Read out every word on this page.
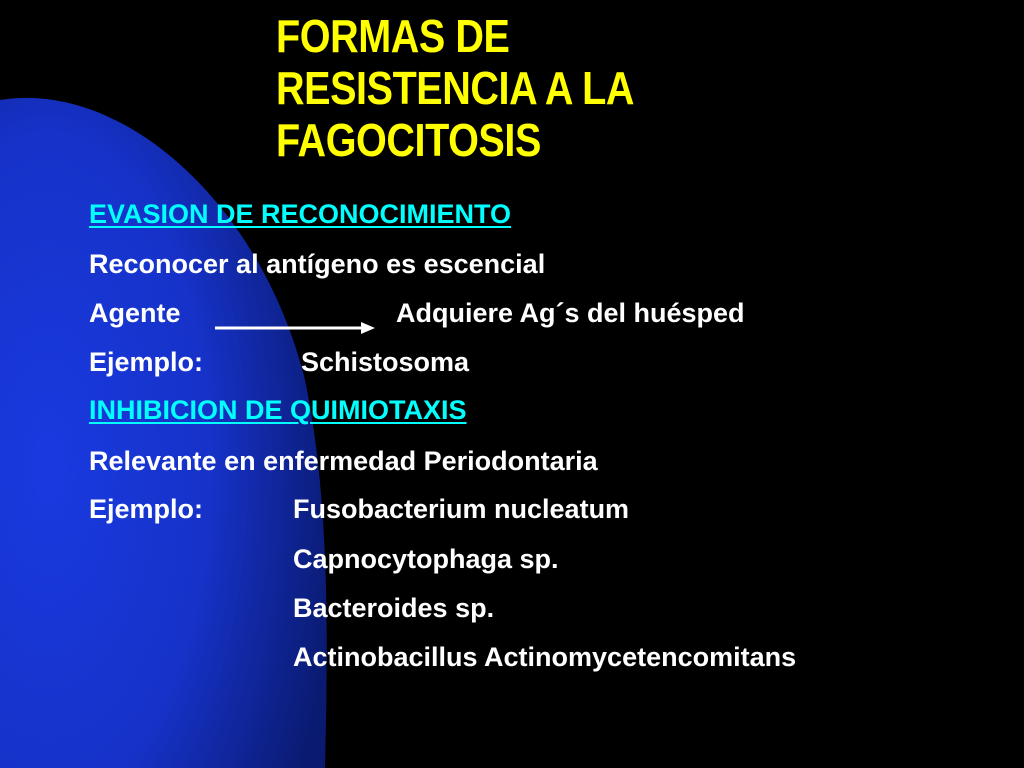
FORMAS DE
RESISTENCIA A LA
FAGOCITOSIS
EVASION DE RECONOCIMIENTO
Reconocer al antígeno es escencial
Agente	Adquiere Ag´s del huésped
Ejemplo:	Schistosoma
INHIBICION DE QUIMIOTAXIS
Relevante en enfermedad Periodontaria
Ejemplo:	Fusobacterium nucleatum
Capnocytophaga sp.
Bacteroides sp.
Actinobacillus Actinomycetencomitans
